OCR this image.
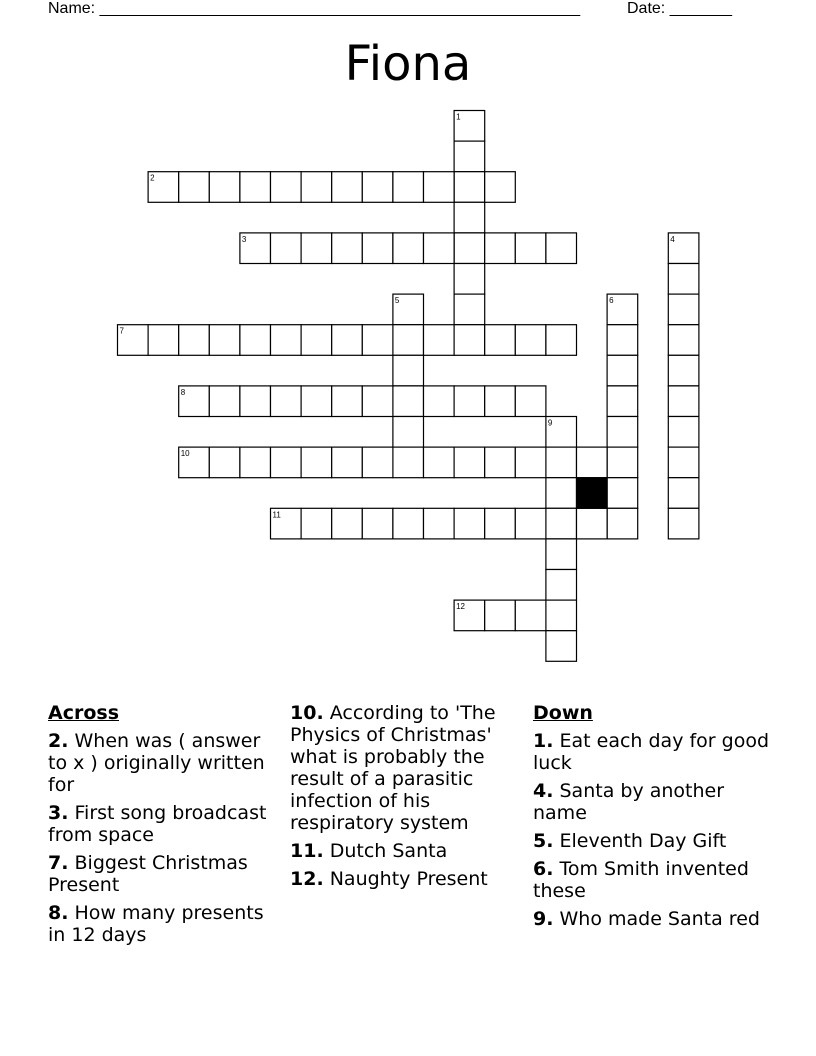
Name: ______________________________________________________	Date: _______
Fiona
1
2
3	4
5	6
7
8
9
10
11
12
Across
2. When was ( answer to x ) originally written for
3. First song broadcast from space
7. Biggest Christmas Present
8. How many presents in 12 days
10. According to 'The Physics of Christmas' what is probably the result of a parasitic infection of his respiratory system
11. Dutch Santa
12. Naughty Present
Down
1. Eat each day for good luck
4. Santa by another name
5. Eleventh Day Gift
6. Tom Smith invented these
9. Who made Santa red
